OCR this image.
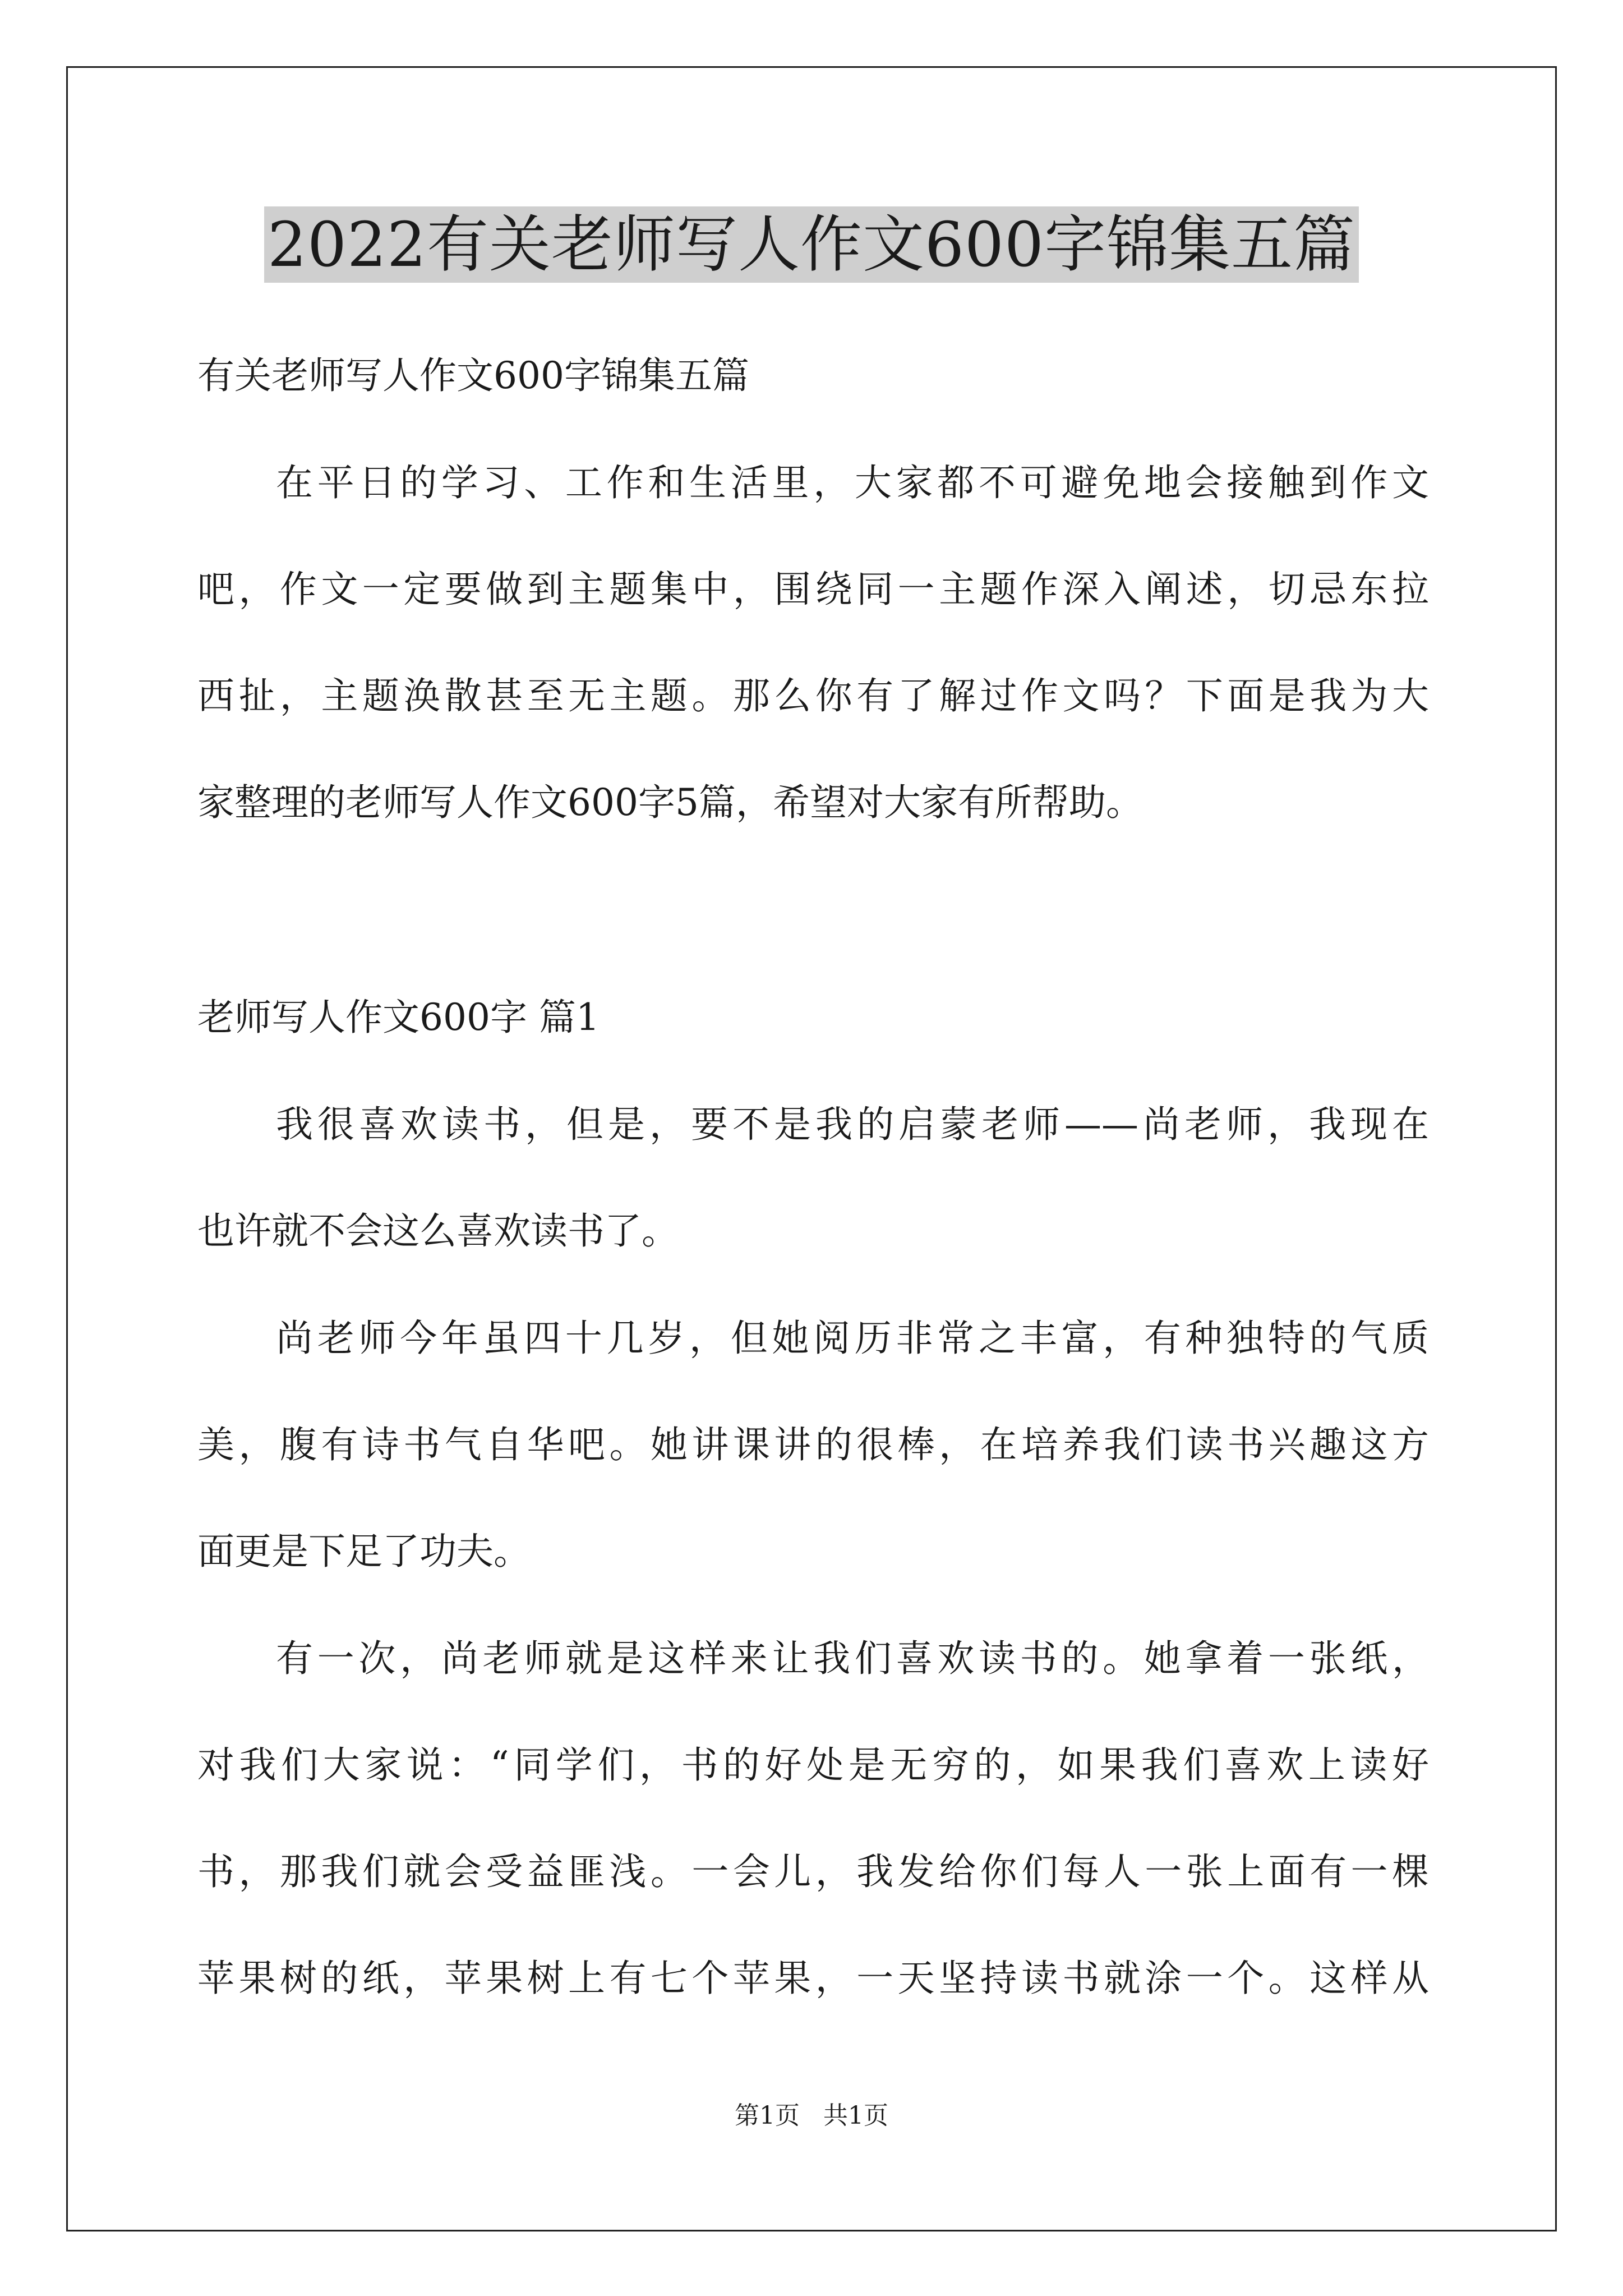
2022有关老师写人作文600字锦集五篇

有关老师写人作文600字锦集五篇

在平日的学习、工作和生活里，大家都不可避免地会接触到作文

吧，作文一定要做到主题集中，围绕同一主题作深入阐述，切忌东拉

西扯，主题涣散甚至无主题。那么你有了解过作文吗？下面是我为大

家整理的老师写人作文600字5篇，希望对大家有所帮助。

老师写人作文600字 篇1

我很喜欢读书，但是，要不是我的启蒙老师——尚老师，我现在

也许就不会这么喜欢读书了。

尚老师今年虽四十几岁，但她阅历非常之丰富，有种独特的气质

美，腹有诗书气自华吧。她讲课讲的很棒，在培养我们读书兴趣这方

面更是下足了功夫。

有一次，尚老师就是这样来让我们喜欢读书的。她拿着一张纸，

对我们大家说：“同学们，书的好处是无穷的，如果我们喜欢上读好

书，那我们就会受益匪浅。一会儿，我发给你们每人一张上面有一棵

苹果树的纸，苹果树上有七个苹果，一天坚持读书就涂一个。这样从

第1页   共1页
